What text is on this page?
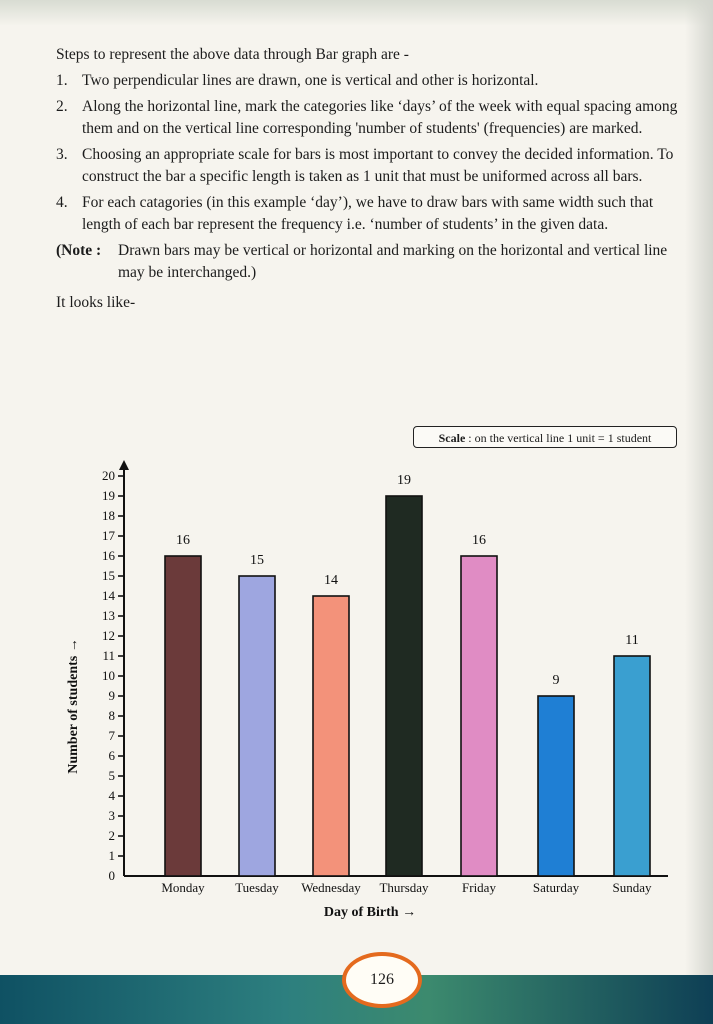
Steps to represent the above data through Bar graph are -

1. Two perpendicular lines are drawn, one is vertical and other is horizontal.
2. Along the horizontal line, mark the categories like ‘days’ of the week with equal spacing among them and on the vertical line corresponding 'number of students' (frequencies) are marked.
3. Choosing an appropriate scale for bars is most important to convey the decided information. To construct the bar a specific length is taken as 1 unit that must be uniformed across all bars.
4. For each catagories (in this example ‘day’), we have to draw bars with same width such that length of each bar represent the frequency i.e. ‘number of students’ in the given data.
(Note : Drawn bars may be vertical or horizontal and marking on the horizontal and vertical line may be interchanged.)
It looks like-
Scale : on the vertical line 1 unit = 1 student
0
1
2
3
4
5
6
7
8
9
10
11
12
13
14
15
16
17
18
19
20
Number of students →
16
Monday
15
Tuesday
14
Wednesday
19
Thursday
16
Friday
9
Saturday
11
Sunday
Day of Birth →
126
